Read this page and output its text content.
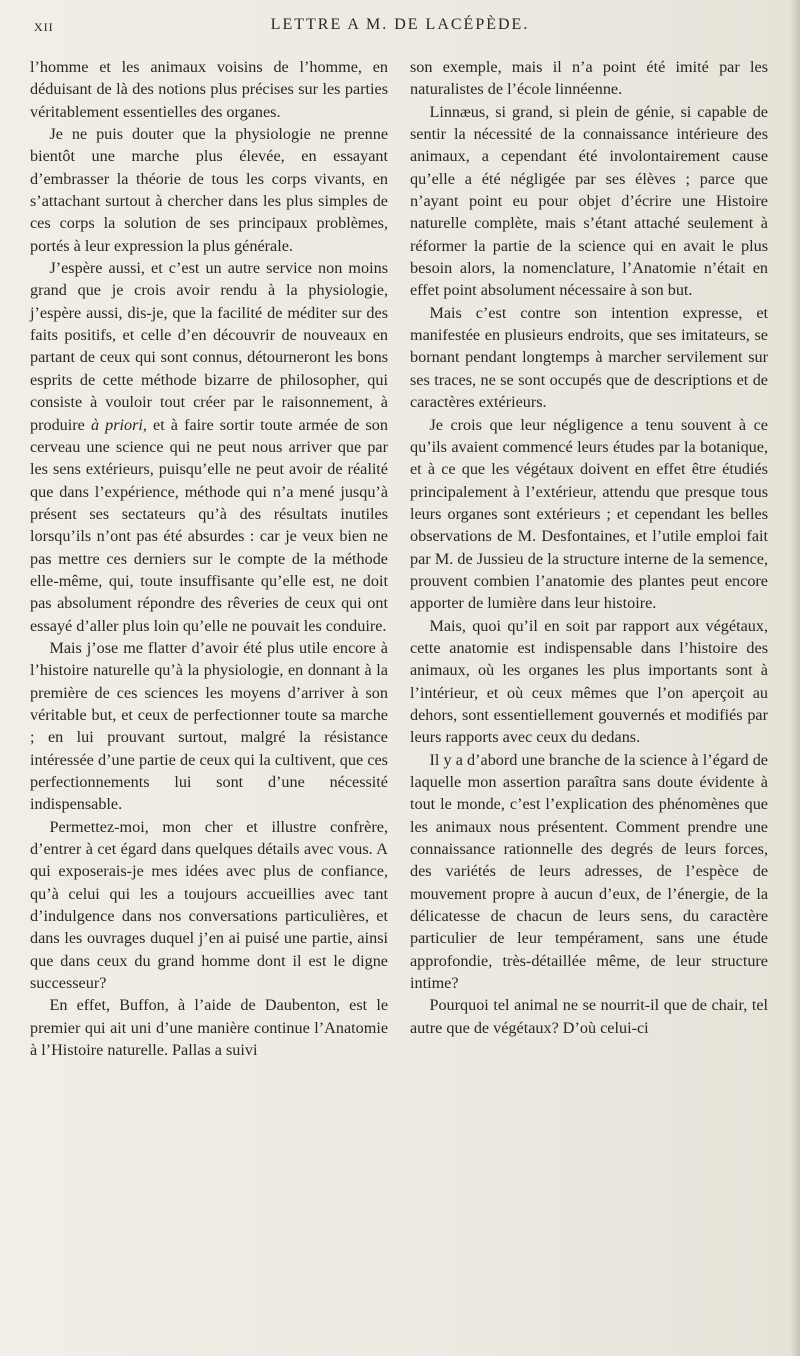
XII	LETTRE A M. DE LACÉPÈDE.

l’homme et les animaux voisins de l’homme, en déduisant de là des notions plus précises sur les parties véritablement essentielles des organes.

Je ne puis douter que la physiologie ne prenne bientôt une marche plus élevée, en essayant d’embrasser la théorie de tous les corps vivants, en s’attachant surtout à chercher dans les plus simples de ces corps la solution de ses principaux problèmes, portés à leur expression la plus générale.

J’espère aussi, et c’est un autre service non moins grand que je crois avoir rendu à la physiologie, j’espère aussi, dis-je, que la facilité de méditer sur des faits positifs, et celle d’en découvrir de nouveaux en partant de ceux qui sont connus, détourneront les bons esprits de cette méthode bizarre de philosopher, qui consiste à vouloir tout créer par le raisonnement, à produire à priori, et à faire sortir toute armée de son cerveau une science qui ne peut nous arriver que par les sens extérieurs, puisqu’elle ne peut avoir de réalité que dans l’expérience, méthode qui n’a mené jusqu’à présent ses sectateurs qu’à des résultats inutiles lorsqu’ils n’ont pas été absurdes : car je veux bien ne pas mettre ces derniers sur le compte de la méthode elle-même, qui, toute insuffisante qu’elle est, ne doit pas absolument répondre des rêveries de ceux qui ont essayé d’aller plus loin qu’elle ne pouvait les conduire.

Mais j’ose me flatter d’avoir été plus utile encore à l’histoire naturelle qu’à la physiologie, en donnant à la première de ces sciences les moyens d’arriver à son véritable but, et ceux de perfectionner toute sa marche ; en lui prouvant surtout, malgré la résistance intéressée d’une partie de ceux qui la cultivent, que ces perfectionnements lui sont d’une nécessité indispensable.

Permettez-moi, mon cher et illustre confrère, d’entrer à cet égard dans quelques détails avec vous. A qui exposerais-je mes idées avec plus de confiance, qu’à celui qui les a toujours accueillies avec tant d’indulgence dans nos conversations particulières, et dans les ouvrages duquel j’en ai puisé une partie, ainsi que dans ceux du grand homme dont il est le digne successeur?

En effet, Buffon, à l’aide de Daubenton, est le premier qui ait uni d’une manière continue l’Anatomie à l’Histoire naturelle. Pallas a suivi

son exemple, mais il n’a point été imité par les naturalistes de l’école linnéenne.

Linnæus, si grand, si plein de génie, si capable de sentir la nécessité de la connaissance intérieure des animaux, a cependant été involontairement cause qu’elle a été négligée par ses élèves ; parce que n’ayant point eu pour objet d’écrire une Histoire naturelle complète, mais s’étant attaché seulement à réformer la partie de la science qui en avait le plus besoin alors, la nomenclature, l’Anatomie n’était en effet point absolument nécessaire à son but.

Mais c’est contre son intention expresse, et manifestée en plusieurs endroits, que ses imitateurs, se bornant pendant longtemps à marcher servilement sur ses traces, ne se sont occupés que de descriptions et de caractères extérieurs.

Je crois que leur négligence a tenu souvent à ce qu’ils avaient commencé leurs études par la botanique, et à ce que les végétaux doivent en effet être étudiés principalement à l’extérieur, attendu que presque tous leurs organes sont extérieurs ; et cependant les belles observations de M. Desfontaines, et l’utile emploi fait par M. de Jussieu de la structure interne de la semence, prouvent combien l’anatomie des plantes peut encore apporter de lumière dans leur histoire.

Mais, quoi qu’il en soit par rapport aux végétaux, cette anatomie est indispensable dans l’histoire des animaux, où les organes les plus importants sont à l’intérieur, et où ceux mêmes que l’on aperçoit au dehors, sont essentiellement gouvernés et modifiés par leurs rapports avec ceux du dedans.

Il y a d’abord une branche de la science à l’égard de laquelle mon assertion paraîtra sans doute évidente à tout le monde, c’est l’explication des phénomènes que les animaux nous présentent. Comment prendre une connaissance rationnelle des degrés de leurs forces, des variétés de leurs adresses, de l’espèce de mouvement propre à aucun d’eux, de l’énergie, de la délicatesse de chacun de leurs sens, du caractère particulier de leur tempérament, sans une étude approfondie, très-détaillée même, de leur structure intime?

Pourquoi tel animal ne se nourrit-il que de chair, tel autre que de végétaux? D’où celui-ci
